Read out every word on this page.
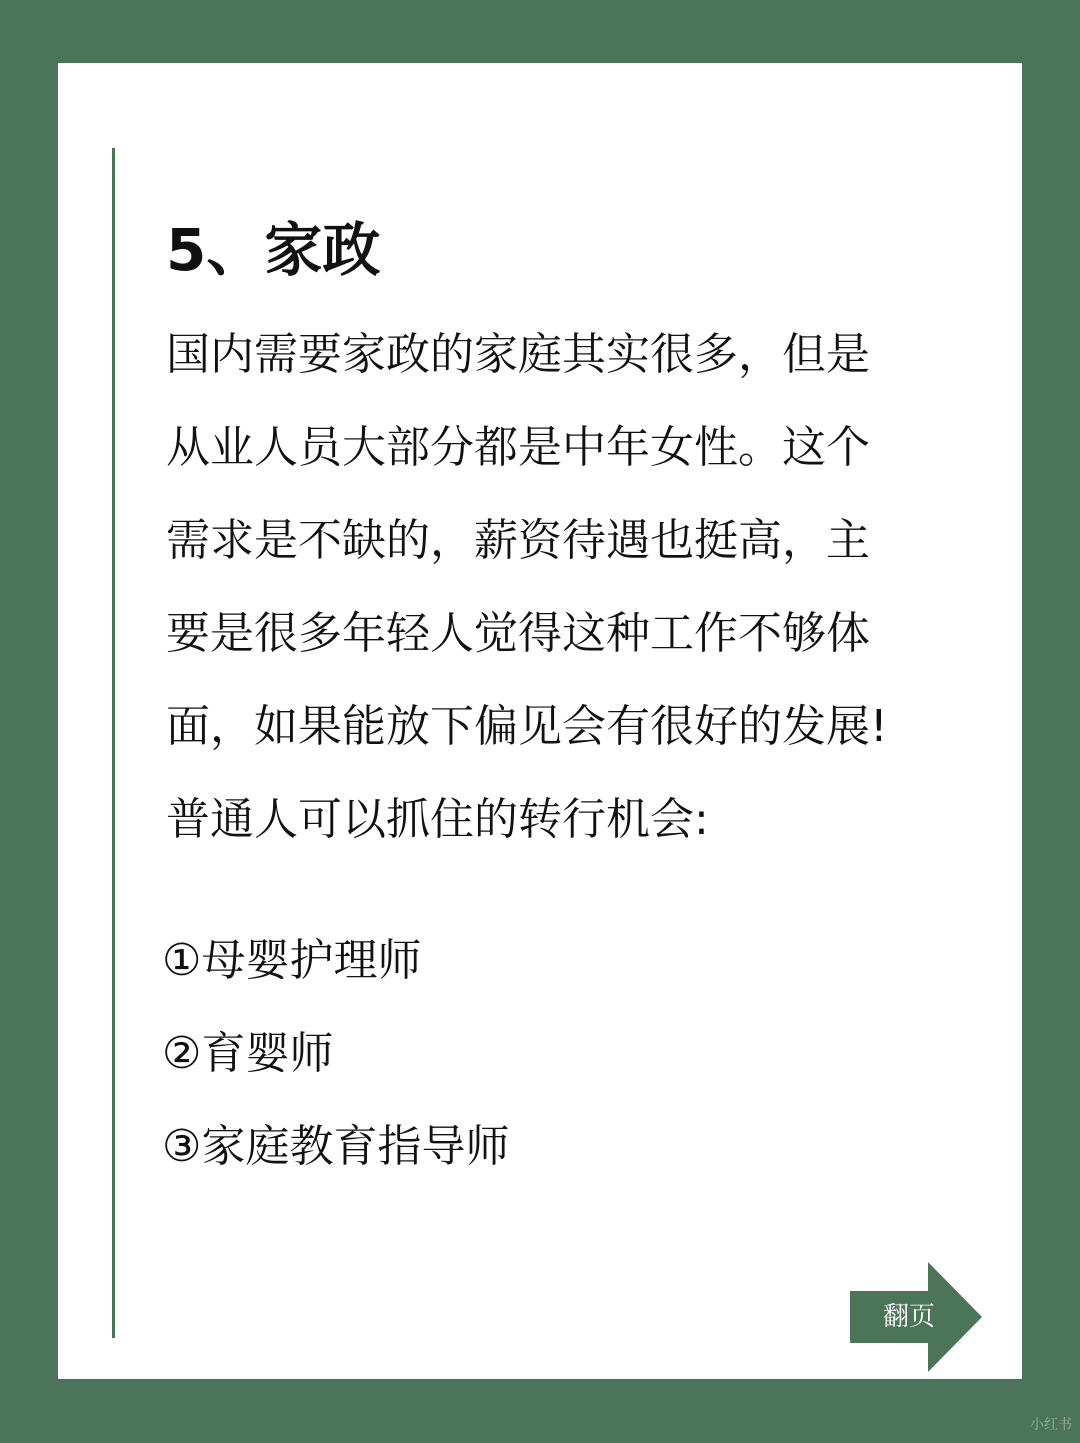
5、家政
国内需要家政的家庭其实很多，但是
从业人员大部分都是中年女性。这个
需求是不缺的，薪资待遇也挺高，主
要是很多年轻人觉得这种工作不够体
面，如果能放下偏见会有很好的发展!
普通人可以抓住的转行机会:
①母婴护理师
②育婴师
③家庭教育指导师
翻页
小红书
